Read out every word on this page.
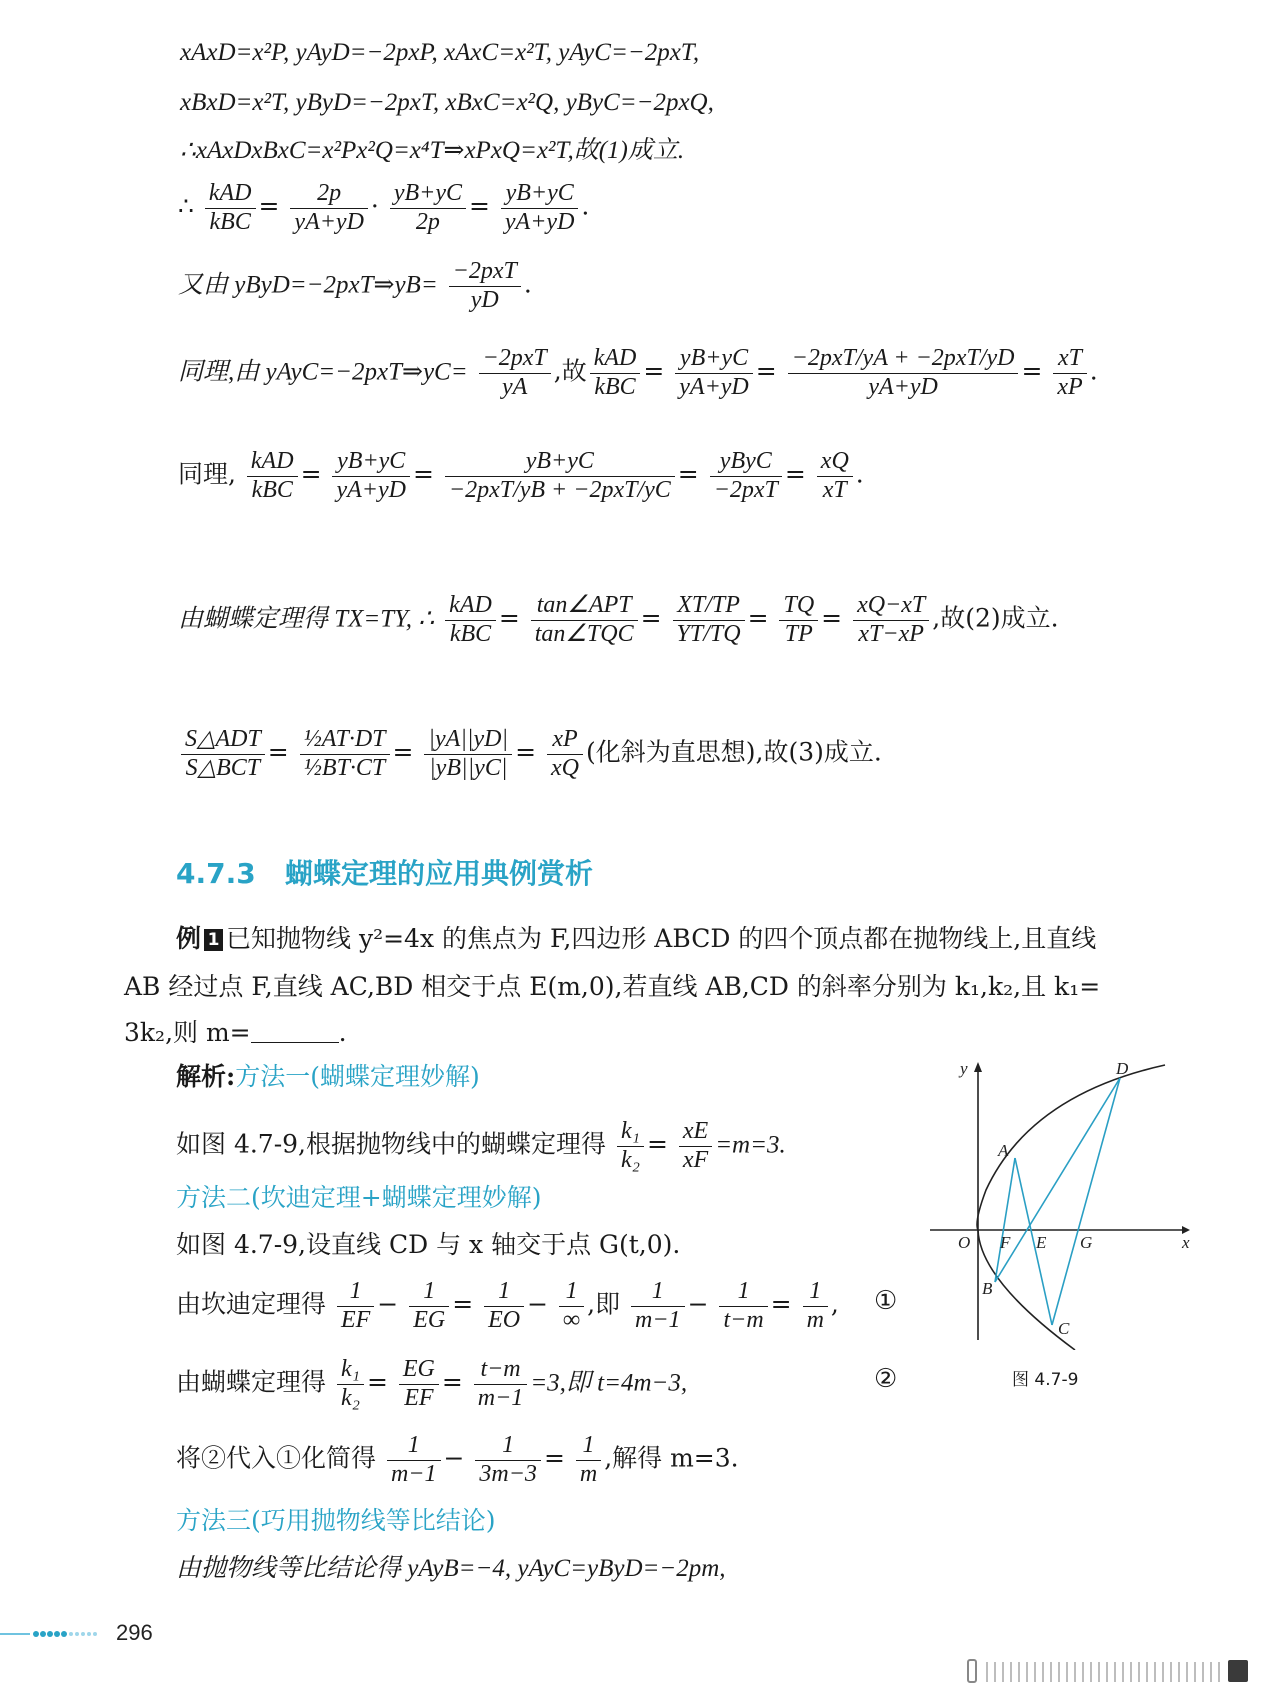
xAxD=x²P, yAyD=−2pxP, xAxC=x²T, yAyC=−2pxT,
xBxD=x²T, yByD=−2pxT, xBxC=x²Q, yByC=−2pxQ,
∴xAxDxBxC=x²Px²Q=x⁴T⇒xPxQ=x²T,故(1)成立.
∴ $\frac{\text{kAD}}{\text{kBC}} = \frac{2p}{yA+yD} \cdot \frac{yB+yC}{2p} = \frac{yB+yC}{yA+yD}$ .
又由 yByD=−2pxT⇒yB= $\frac{\text{−2pxT}}{yD}$ .
同理,由 yAyC=−2pxT⇒yC= $\frac{\text{−2pxT}}{yA}$ ,故 $\frac{\text{kAD}}{\text{kBC}} = \frac{yB+yC}{yA+yD} = \frac{\text{−2pxT/yA + −2pxT/yD}}{yA+yD} = \frac{xT}{xP}$ .
同理, $\frac{\text{kAD}}{\text{kBC}} = \frac{yB+yC}{yA+yD} = \frac{yB+yC}{\text{−2pxT/yB + −2pxT/yC}} = \frac{\text{yByC}}{\text{−2pxT}} = \frac{xQ}{xT}$ .
由蝴蝶定理得 TX=TY, ∴ $\frac{\text{kAD}}{\text{kBC}} = \frac{\text{tan∠APT}}{\text{tan∠TQC}} = \frac{XT/TP}{YT/TQ} = \frac{TQ}{TP} = \frac{xQ-xT}{xT-xP}$ ,故(2)成立.
$\frac{\text{S△ADT}}{\text{S△BCT}} = \frac{\text{½AT·DT}}{\text{½BT·CT}} = \frac{|yA||yD|}{|yB||yC|} = \frac{xP}{xQ}$ (化斜为直思想),故(3)成立.
4.7.3 蝴蝶定理的应用典例赏析
例 1 已知抛物线 y²=4x 的焦点为 F,四边形 ABCD 的四个顶点都在抛物线上,且直线
AB 经过点 F,直线 AC,BD 相交于点 E(m,0),若直线 AB,CD 的斜率分别为 k₁,k₂,且 k₁=
3k₂,则 m=	.
解析:方法一(蝴蝶定理妙解)
如图 4.7-9,根据抛物线中的蝴蝶定理得 $\frac{\text{k₁}}{\text{k₂}} = \frac{xE}{xF} =m=3$.
方法二(坎迪定理+蝴蝶定理妙解)
如图 4.7-9,设直线 CD 与 x 轴交于点 G(t,0).
由坎迪定理得 $\frac{1}{EF} - \frac{1}{EG} = \frac{1}{EO} - \frac{1}{\infty}$ ,即 $\frac{1}{m-1} - \frac{1}{t-m} = \frac{1}{m}$ , ①
由蝴蝶定理得 $\frac{\text{k₁}}{\text{k₂}} = \frac{EG}{EF} = \frac{t-m}{m-1} =3$,即 t=4m−3,	②
将②代入①化简得 $\frac{1}{m-1} - \frac{1}{3m-3} = \frac{1}{m}$ ,解得 m=3.
方法三(巧用抛物线等比结论)
由抛物线等比结论得 yAyB=−4, yAyC=yByD=−2pm,
y
x
O F E G
A
B
C
D
图 4.7-9
296
